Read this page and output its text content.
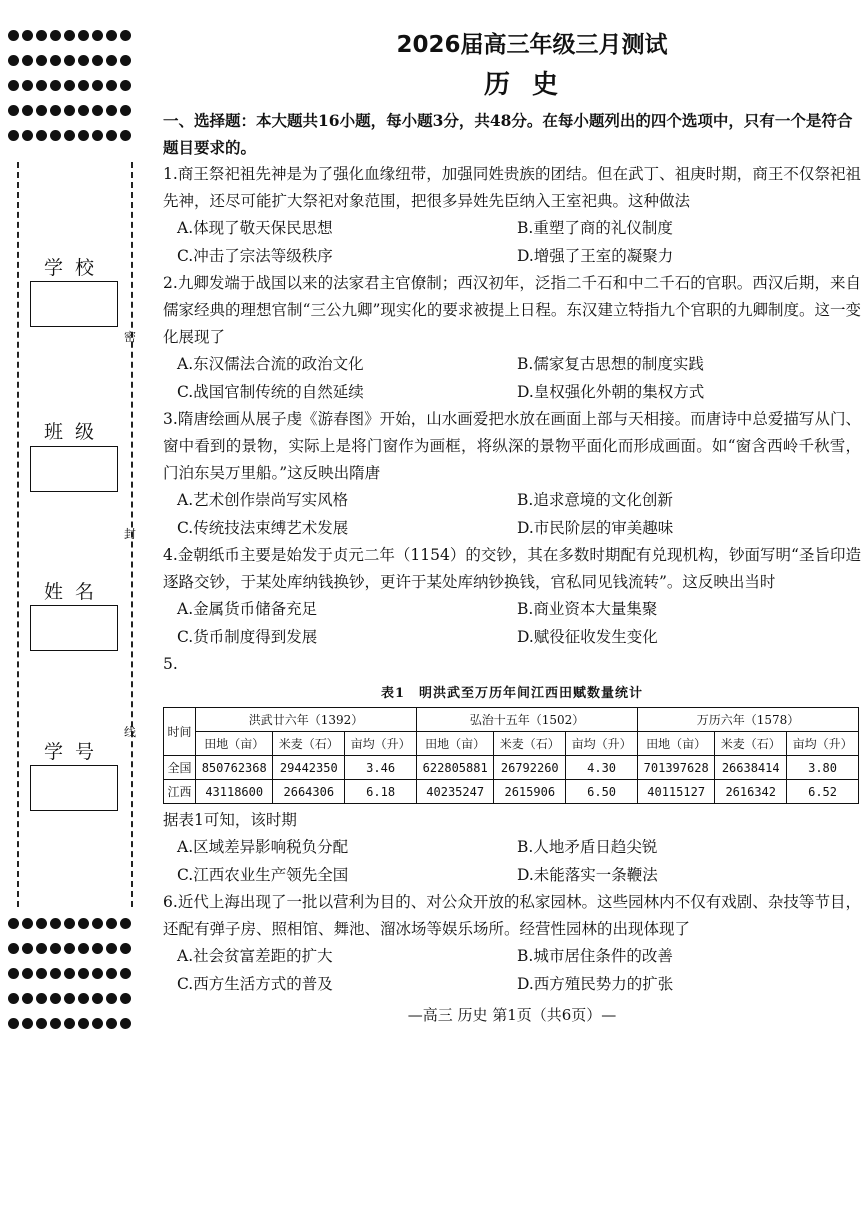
学校
班级
姓名
学号
密
封
线
2026届高三年级三月测试
历史

一、选择题：本大题共16小题，每小题3分，共48分。在每小题列出的四个选项中，只有一个是符合题目要求的。

1.商王祭祀祖先神是为了强化血缘纽带，加强同姓贵族的团结。但在武丁、祖庚时期，商王不仅祭祀祖先神，还尽可能扩大祭祀对象范围，把很多异姓先臣纳入王室祀典。这种做法

A.体现了敬天保民思想	B.重塑了商的礼仪制度
C.冲击了宗法等级秩序	D.增强了王室的凝聚力

2.九卿发端于战国以来的法家君主官僚制；西汉初年，泛指二千石和中二千石的官职。西汉后期，来自儒家经典的理想官制“三公九卿”现实化的要求被提上日程。东汉建立特指九个官职的九卿制度。这一变化展现了

A.东汉儒法合流的政治文化	B.儒家复古思想的制度实践
C.战国官制传统的自然延续	D.皇权强化外朝的集权方式

3.隋唐绘画从展子虔《游春图》开始，山水画爱把水放在画面上部与天相接。而唐诗中总爱描写从门、窗中看到的景物，实际上是将门窗作为画框，将纵深的景物平面化而形成画面。如“窗含西岭千秋雪，门泊东吴万里船。”这反映出隋唐

A.艺术创作崇尚写实风格	B.追求意境的文化创新
C.传统技法束缚艺术发展	D.市民阶层的审美趣味

4.金朝纸币主要是始发于贞元二年（1154）的交钞，其在多数时期配有兑现机构，钞面写明“圣旨印造逐路交钞，于某处库纳钱换钞，更许于某处库纳钞换钱，官私同见钱流转”。这反映出当时

A.金属货币储备充足	B.商业资本大量集聚
C.货币制度得到发展	D.赋役征收发生变化

5.

表1　明洪武至万历年间江西田赋数量统计
时间	洪武廿六年（1392）			弘治十五年（1502）			万历六年（1578）		
	田地（亩）	米麦（石）	亩均（升）	田地（亩）	米麦（石）	亩均（升）	田地（亩）	米麦（石）	亩均（升）
全国	850762368	29442350	3.46	622805881	26792260	4.30	701397628	26638414	3.80
江西	43118600	2664306	6.18	40235247	2615906	6.50	40115127	2616342	6.52

据表1可知，该时期

A.区域差异影响税负分配	B.人地矛盾日趋尖锐
C.江西农业生产领先全国	D.未能落实一条鞭法

6.近代上海出现了一批以营利为目的、对公众开放的私家园林。这些园林内不仅有戏剧、杂技等节目，还配有弹子房、照相馆、舞池、溜冰场等娱乐场所。经营性园林的出现体现了

A.社会贫富差距的扩大	B.城市居住条件的改善
C.西方生活方式的普及	D.西方殖民势力的扩张
—高三 历史 第1页（共6页）—
